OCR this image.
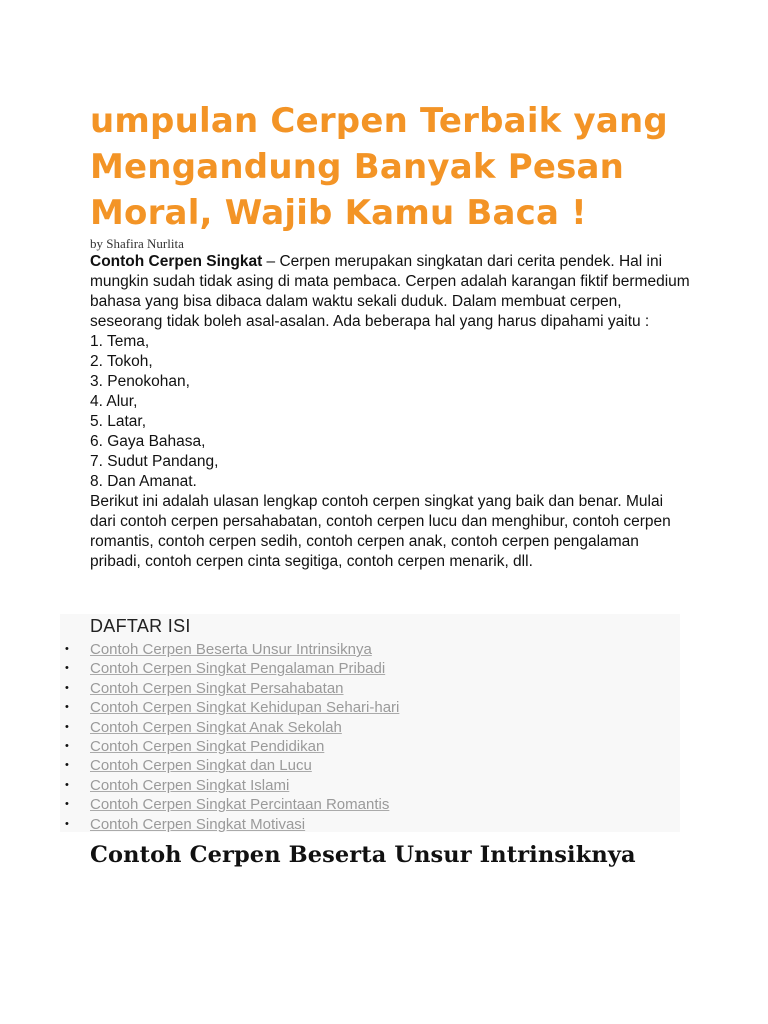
umpulan Cerpen Terbaik yang Mengandung Banyak Pesan Moral, Wajib Kamu Baca !
by Shafira Nurlita

Contoh Cerpen Singkat – Cerpen merupakan singkatan dari cerita pendek. Hal ini mungkin sudah tidak asing di mata pembaca. Cerpen adalah karangan fiktif bermedium bahasa yang bisa dibaca dalam waktu sekali duduk. Dalam membuat cerpen, seseorang tidak boleh asal-asalan. Ada beberapa hal yang harus dipahami yaitu :

1. Tema,
2. Tokoh,
3. Penokohan,
4. Alur,
5. Latar,
6. Gaya Bahasa,
7. Sudut Pandang,
8. Dan Amanat.

Berikut ini adalah ulasan lengkap contoh cerpen singkat yang baik dan benar. Mulai dari contoh cerpen persahabatan, contoh cerpen lucu dan menghibur, contoh cerpen romantis, contoh cerpen sedih, contoh cerpen anak, contoh cerpen pengalaman pribadi, contoh cerpen cinta segitiga, contoh cerpen menarik, dll.

DAFTAR ISI
• Contoh Cerpen Beserta Unsur Intrinsiknya
• Contoh Cerpen Singkat Pengalaman Pribadi
• Contoh Cerpen Singkat Persahabatan
• Contoh Cerpen Singkat Kehidupan Sehari-hari
• Contoh Cerpen Singkat Anak Sekolah
• Contoh Cerpen Singkat Pendidikan
• Contoh Cerpen Singkat dan Lucu
• Contoh Cerpen Singkat Islami
• Contoh Cerpen Singkat Percintaan Romantis
• Contoh Cerpen Singkat Motivasi
Contoh Cerpen Beserta Unsur Intrinsiknya
